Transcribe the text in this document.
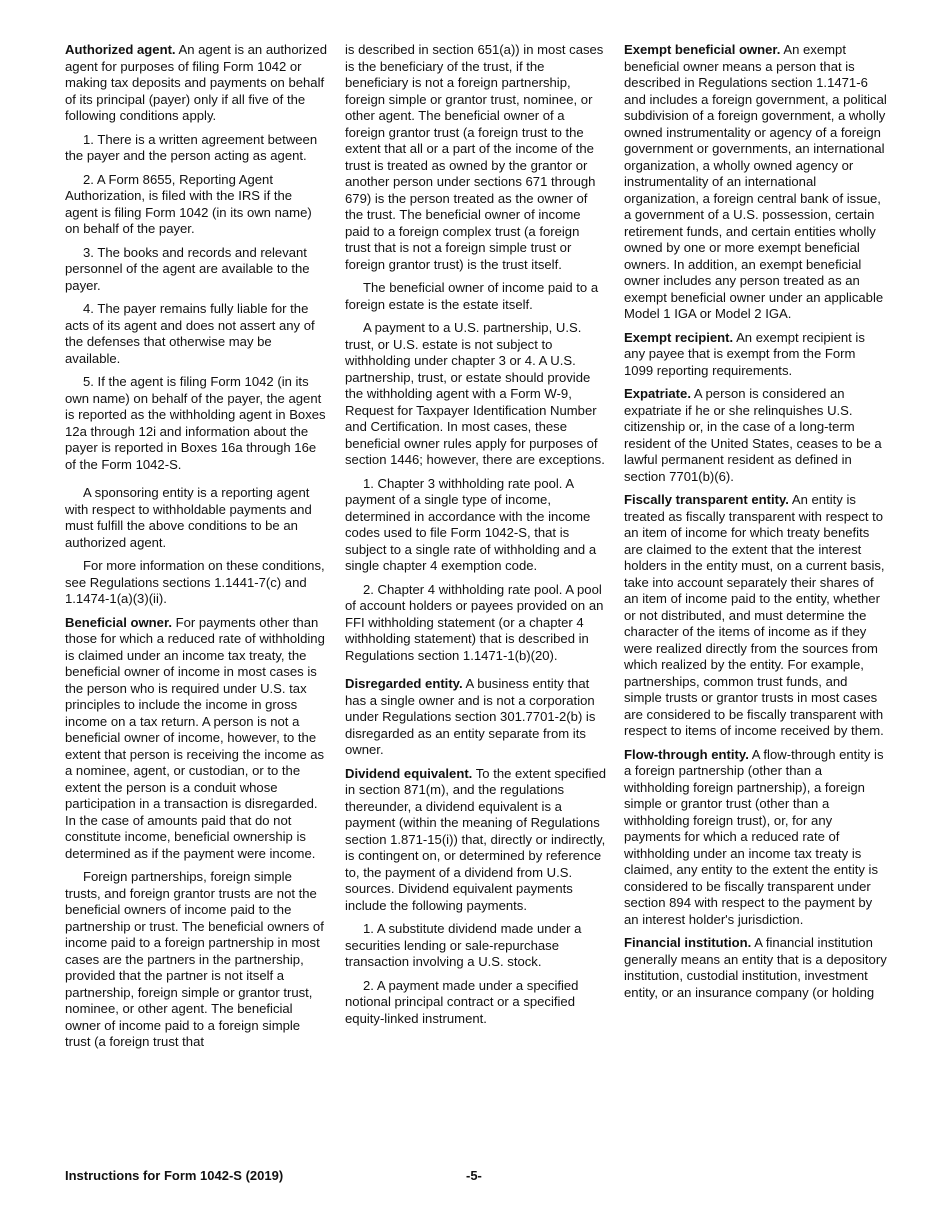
Authorized agent. An agent is an authorized agent for purposes of filing Form 1042 or making tax deposits and payments on behalf of its principal (payer) only if all five of the following conditions apply.

1. There is a written agreement between the payer and the person acting as agent.

2. A Form 8655, Reporting Agent Authorization, is filed with the IRS if the agent is filing Form 1042 (in its own name) on behalf of the payer.

3. The books and records and relevant personnel of the agent are available to the payer.

4. The payer remains fully liable for the acts of its agent and does not assert any of the defenses that otherwise may be available.

5. If the agent is filing Form 1042 (in its own name) on behalf of the payer, the agent is reported as the withholding agent in Boxes 12a through 12i and information about the payer is reported in Boxes 16a through 16e of the Form 1042-S.

A sponsoring entity is a reporting agent with respect to withholdable payments and must fulfill the above conditions to be an authorized agent.

For more information on these conditions, see Regulations sections 1.1441-7(c) and 1.1474-1(a)(3)(ii).

Beneficial owner. For payments other than those for which a reduced rate of withholding is claimed under an income tax treaty, the beneficial owner of income in most cases is the person who is required under U.S. tax principles to include the income in gross income on a tax return. A person is not a beneficial owner of income, however, to the extent that person is receiving the income as a nominee, agent, or custodian, or to the extent the person is a conduit whose participation in a transaction is disregarded. In the case of amounts paid that do not constitute income, beneficial ownership is determined as if the payment were income.

Foreign partnerships, foreign simple trusts, and foreign grantor trusts are not the beneficial owners of income paid to the partnership or trust. The beneficial owners of income paid to a foreign partnership in most cases are the partners in the partnership, provided that the partner is not itself a partnership, foreign simple or grantor trust, nominee, or other agent. The beneficial owner of income paid to a foreign simple trust (a foreign trust that

is described in section 651(a)) in most cases is the beneficiary of the trust, if the beneficiary is not a foreign partnership, foreign simple or grantor trust, nominee, or other agent. The beneficial owner of a foreign grantor trust (a foreign trust to the extent that all or a part of the income of the trust is treated as owned by the grantor or another person under sections 671 through 679) is the person treated as the owner of the trust. The beneficial owner of income paid to a foreign complex trust (a foreign trust that is not a foreign simple trust or foreign grantor trust) is the trust itself.

The beneficial owner of income paid to a foreign estate is the estate itself.

A payment to a U.S. partnership, U.S. trust, or U.S. estate is not subject to withholding under chapter 3 or 4. A U.S. partnership, trust, or estate should provide the withholding agent with a Form W-9, Request for Taxpayer Identification Number and Certification. In most cases, these beneficial owner rules apply for purposes of section 1446; however, there are exceptions.

1. Chapter 3 withholding rate pool. A payment of a single type of income, determined in accordance with the income codes used to file Form 1042-S, that is subject to a single rate of withholding and a single chapter 4 exemption code.

2. Chapter 4 withholding rate pool. A pool of account holders or payees provided on an FFI withholding statement (or a chapter 4 withholding statement) that is described in Regulations section 1.1471-1(b)(20).

Disregarded entity. A business entity that has a single owner and is not a corporation under Regulations section 301.7701-2(b) is disregarded as an entity separate from its owner.

Dividend equivalent. To the extent specified in section 871(m), and the regulations thereunder, a dividend equivalent is a payment (within the meaning of Regulations section 1.871-15(i)) that, directly or indirectly, is contingent on, or determined by reference to, the payment of a dividend from U.S. sources. Dividend equivalent payments include the following payments.

1. A substitute dividend made under a securities lending or sale-repurchase transaction involving a U.S. stock.

2. A payment made under a specified notional principal contract or a specified equity-linked instrument.

Exempt beneficial owner. An exempt beneficial owner means a person that is described in Regulations section 1.1471-6 and includes a foreign government, a political subdivision of a foreign government, a wholly owned instrumentality or agency of a foreign government or governments, an international organization, a wholly owned agency or instrumentality of an international organization, a foreign central bank of issue, a government of a U.S. possession, certain retirement funds, and certain entities wholly owned by one or more exempt beneficial owners. In addition, an exempt beneficial owner includes any person treated as an exempt beneficial owner under an applicable Model 1 IGA or Model 2 IGA.

Exempt recipient. An exempt recipient is any payee that is exempt from the Form 1099 reporting requirements.

Expatriate. A person is considered an expatriate if he or she relinquishes U.S. citizenship or, in the case of a long-term resident of the United States, ceases to be a lawful permanent resident as defined in section 7701(b)(6).

Fiscally transparent entity. An entity is treated as fiscally transparent with respect to an item of income for which treaty benefits are claimed to the extent that the interest holders in the entity must, on a current basis, take into account separately their shares of an item of income paid to the entity, whether or not distributed, and must determine the character of the items of income as if they were realized directly from the sources from which realized by the entity. For example, partnerships, common trust funds, and simple trusts or grantor trusts in most cases are considered to be fiscally transparent with respect to items of income received by them.

Flow-through entity. A flow-through entity is a foreign partnership (other than a withholding foreign partnership), a foreign simple or grantor trust (other than a withholding foreign trust), or, for any payments for which a reduced rate of withholding under an income tax treaty is claimed, any entity to the extent the entity is considered to be fiscally transparent under section 894 with respect to the payment by an interest holder's jurisdiction.

Financial institution. A financial institution generally means an entity that is a depository institution, custodial institution, investment entity, or an insurance company (or holding

Instructions for Form 1042-S (2019)	-5-
